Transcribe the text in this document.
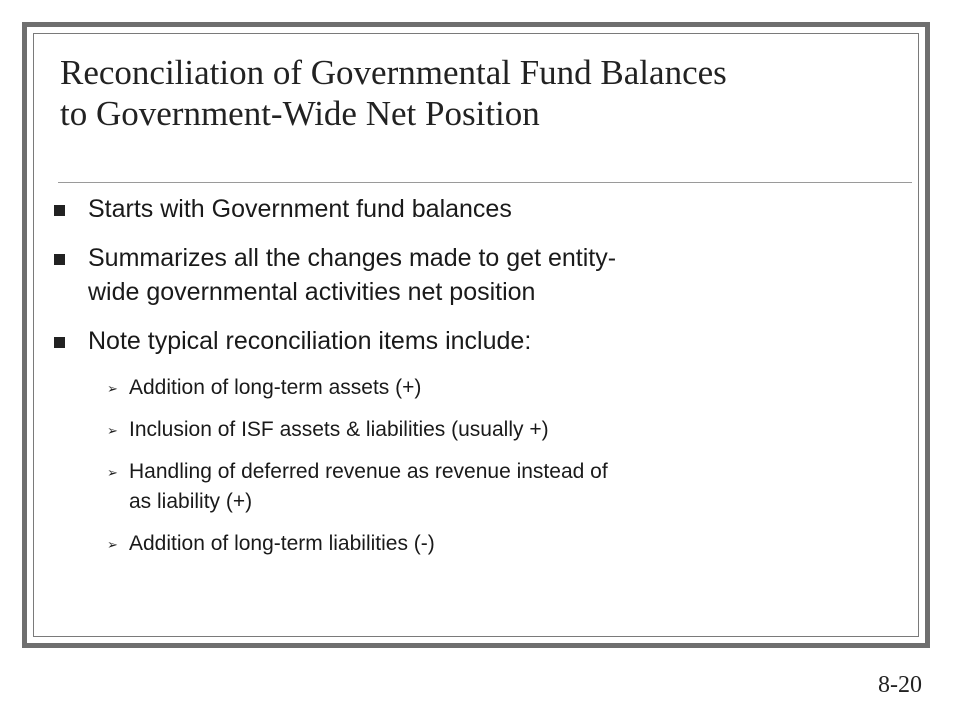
Reconciliation of Governmental Fund Balances
to Government-Wide Net Position
Starts with Government fund balances
Summarizes all the changes made to get entity-
wide governmental activities net position
Note typical reconciliation items include:
➢ Addition of long-term assets (+)
➢ Inclusion of ISF assets & liabilities (usually +)
➢ Handling of deferred revenue as revenue instead of
as liability (+)
➢ Addition of long-term liabilities (-)
8-20
